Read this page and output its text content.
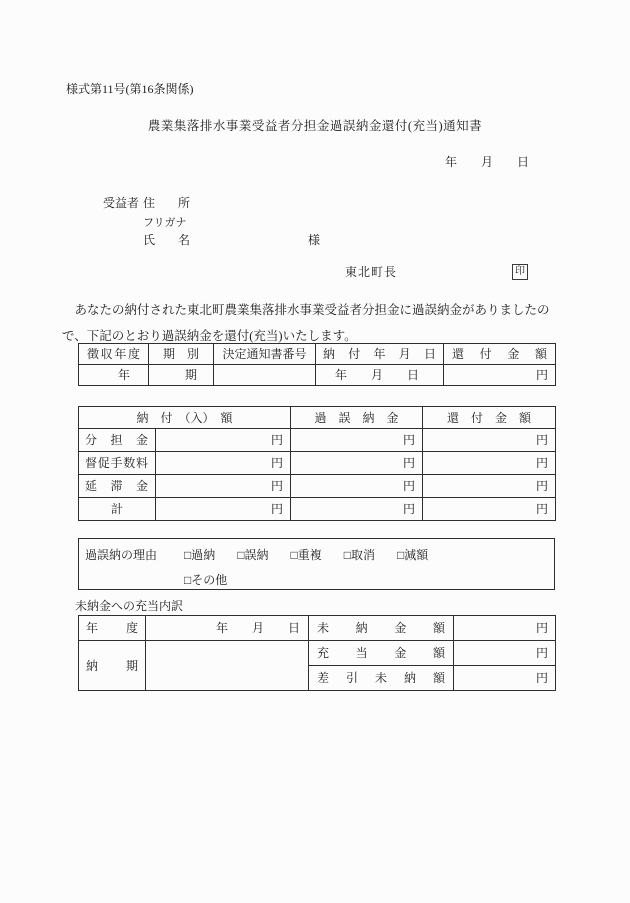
様式第11号(第16条関係)
農業集落排水事業受益者分担金過誤納金還付(充当)通知書
年　　月　　日
受益者 住 所
フリガナ
氏 名	様
東北町長	印
　あなたの納付された東北町農業集落排水事業受益者分担金に過誤納金がありましたの
で、下記のとおり過誤納金を還付(充当)いたします。
徴収年度	期　別	決定通知書番号	納　付　年　月　日	還　付　金　額
年	期		年　　月　　日	円
納　付　（入）　額		過　誤　納　金	還　付　金　額
分　担　金	円	円	円
督促手数料	円	円	円
延　滞　金	円	円	円
計	円	円	円
過誤納の理由	□過納 □誤納 □重複 □取消 □減額
□その他
未納金への充当内訳
年　度	年　　月　　日	未　納　金　額	円
納　期		充　当　金　額	円
		差　引　未　納　額	円
